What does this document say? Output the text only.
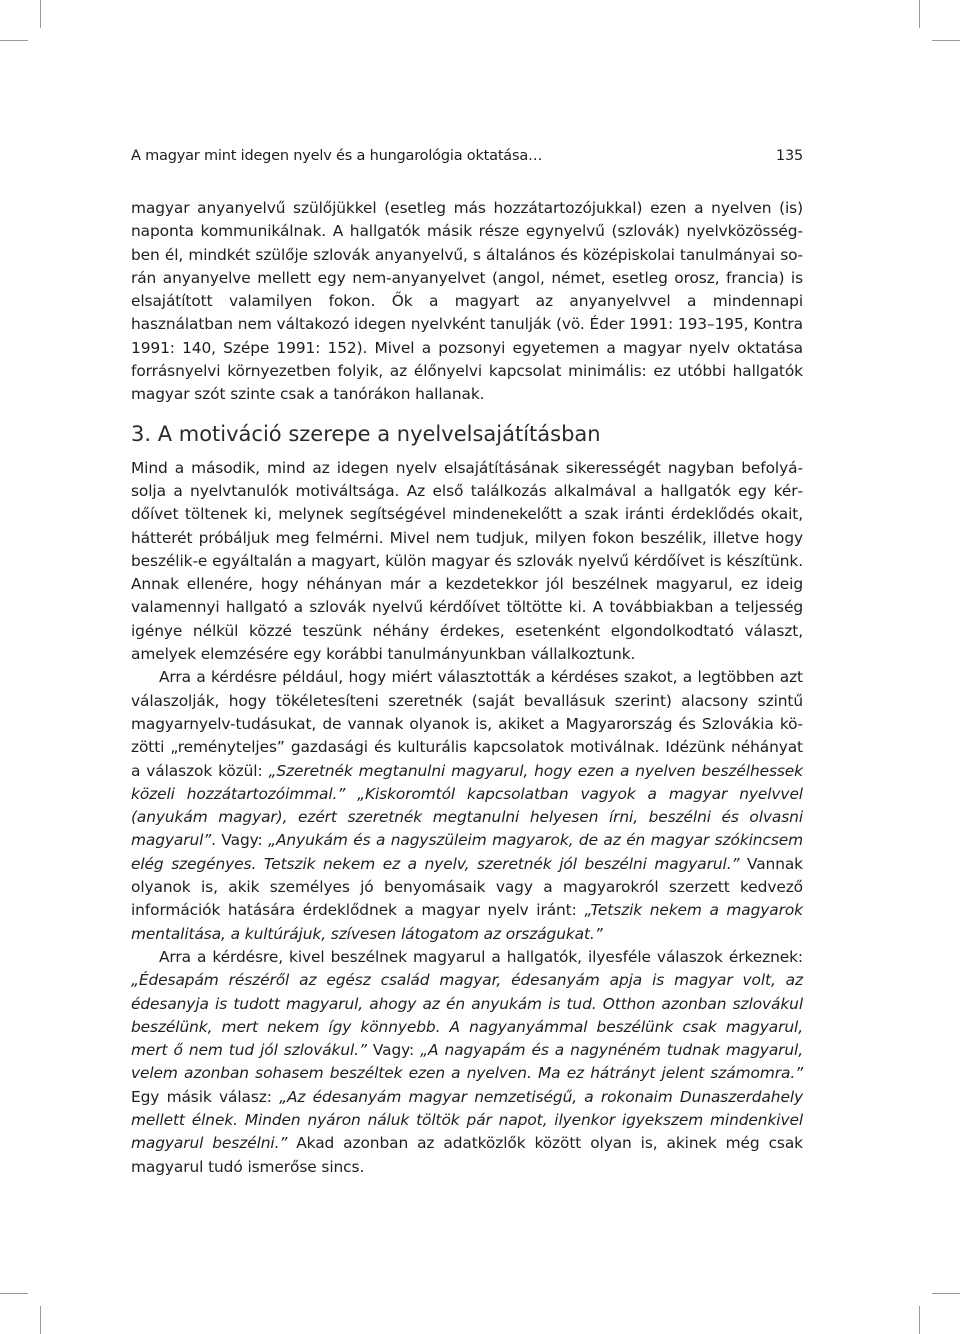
A magyar mint idegen nyelv és a hungarológia oktatása…	135

magyar anyanyelvű szülőjükkel (esetleg más hozzátartozójukkal) ezen a nyelven (is) naponta kommunikálnak. A hallgatók másik része egynyelvű (szlovák) nyelvközösségben él, mindkét szülője szlovák anyanyelvű, s általános és középiskolai tanulmányai során anyanyelve mellett egy nem-anyanyelvet (angol, német, esetleg orosz, francia) is elsajátított valamilyen fokon. Ők a magyart az anyanyelvvel a mindennapi használatban nem váltakozó idegen nyelvként tanulják (vö. Éder 1991: 193–195, Kontra 1991: 140, Szépe 1991: 152). Mivel a pozsonyi egyetemen a magyar nyelv oktatása forrásnyelvi környezetben folyik, az élőnyelvi kapcsolat minimális: ez utóbbi hallgatók magyar szót szinte csak a tanórákon hallanak.

3. A motiváció szerepe a nyelvelsajátításban

Mind a második, mind az idegen nyelv elsajátításának sikerességét nagyban befolyásolja a nyelvtanulók motiváltsága. Az első találkozás alkalmával a hallgatók egy kérdőívet töltenek ki, melynek segítségével mindenekelőtt a szak iránti érdeklődés okait, hátterét próbáljuk meg felmérni. Mivel nem tudjuk, milyen fokon beszélik, illetve hogy beszélik-e egyáltalán a magyart, külön magyar és szlovák nyelvű kérdőívet is készítünk. Annak ellenére, hogy néhányan már a kezdetekkor jól beszélnek magyarul, ez ideig valamennyi hallgató a szlovák nyelvű kérdőívet töltötte ki. A továbbiakban a teljesség igénye nélkül közzé teszünk néhány érdekes, esetenként elgondolkodtató választ, amelyek elemzésére egy korábbi tanulmányunkban vállalkoztunk.

Arra a kérdésre például, hogy miért választották a kérdéses szakot, a legtöbben azt válaszolják, hogy tökéletesíteni szeretnék (saját bevallásuk szerint) alacsony szintű magyarnyelv-tudásukat, de vannak olyanok is, akiket a Magyarország és Szlovákia közötti „reményteljes” gazdasági és kulturális kapcsolatok motiválnak. Idézünk néhányat a válaszok közül: „Szeretnék megtanulni magyarul, hogy ezen a nyelven beszélhessek közeli hozzátartozóimmal.” „Kiskoromtól kapcsolatban vagyok a magyar nyelvvel (anyukám magyar), ezért szeretnék megtanulni helyesen írni, beszélni és olvasni magyarul”. Vagy: „Anyukám és a nagyszüleim magyarok, de az én magyar szókincsem elég szegényes. Tetszik nekem ez a nyelv, szeretnék jól beszélni magyarul.” Vannak olyanok is, akik személyes jó benyomásaik vagy a magyarokról szerzett kedvező információk hatására érdeklődnek a magyar nyelv iránt: „Tetszik nekem a magyarok mentalitása, a kultúrájuk, szívesen látogatom az országukat.”

Arra a kérdésre, kivel beszélnek magyarul a hallgatók, ilyesféle válaszok érkeznek: „Édesapám részéről az egész család magyar, édesanyám apja is magyar volt, az édesanyja is tudott magyarul, ahogy az én anyukám is tud. Otthon azonban szlovákul beszélünk, mert nekem így könnyebb. A nagyanyámmal beszélünk csak magyarul, mert ő nem tud jól szlovákul.” Vagy: „A nagyapám és a nagynéném tudnak magyarul, velem azonban sohasem beszéltek ezen a nyelven. Ma ez hátrányt jelent számomra.” Egy másik válasz: „Az édesanyám magyar nemzetiségű, a rokonaim Dunaszerdahely mellett élnek. Minden nyáron náluk töltök pár napot, ilyenkor igyekszem mindenkivel magyarul beszélni.” Akad azonban az adatközlők között olyan is, akinek még csak magyarul tudó ismerőse sincs.
